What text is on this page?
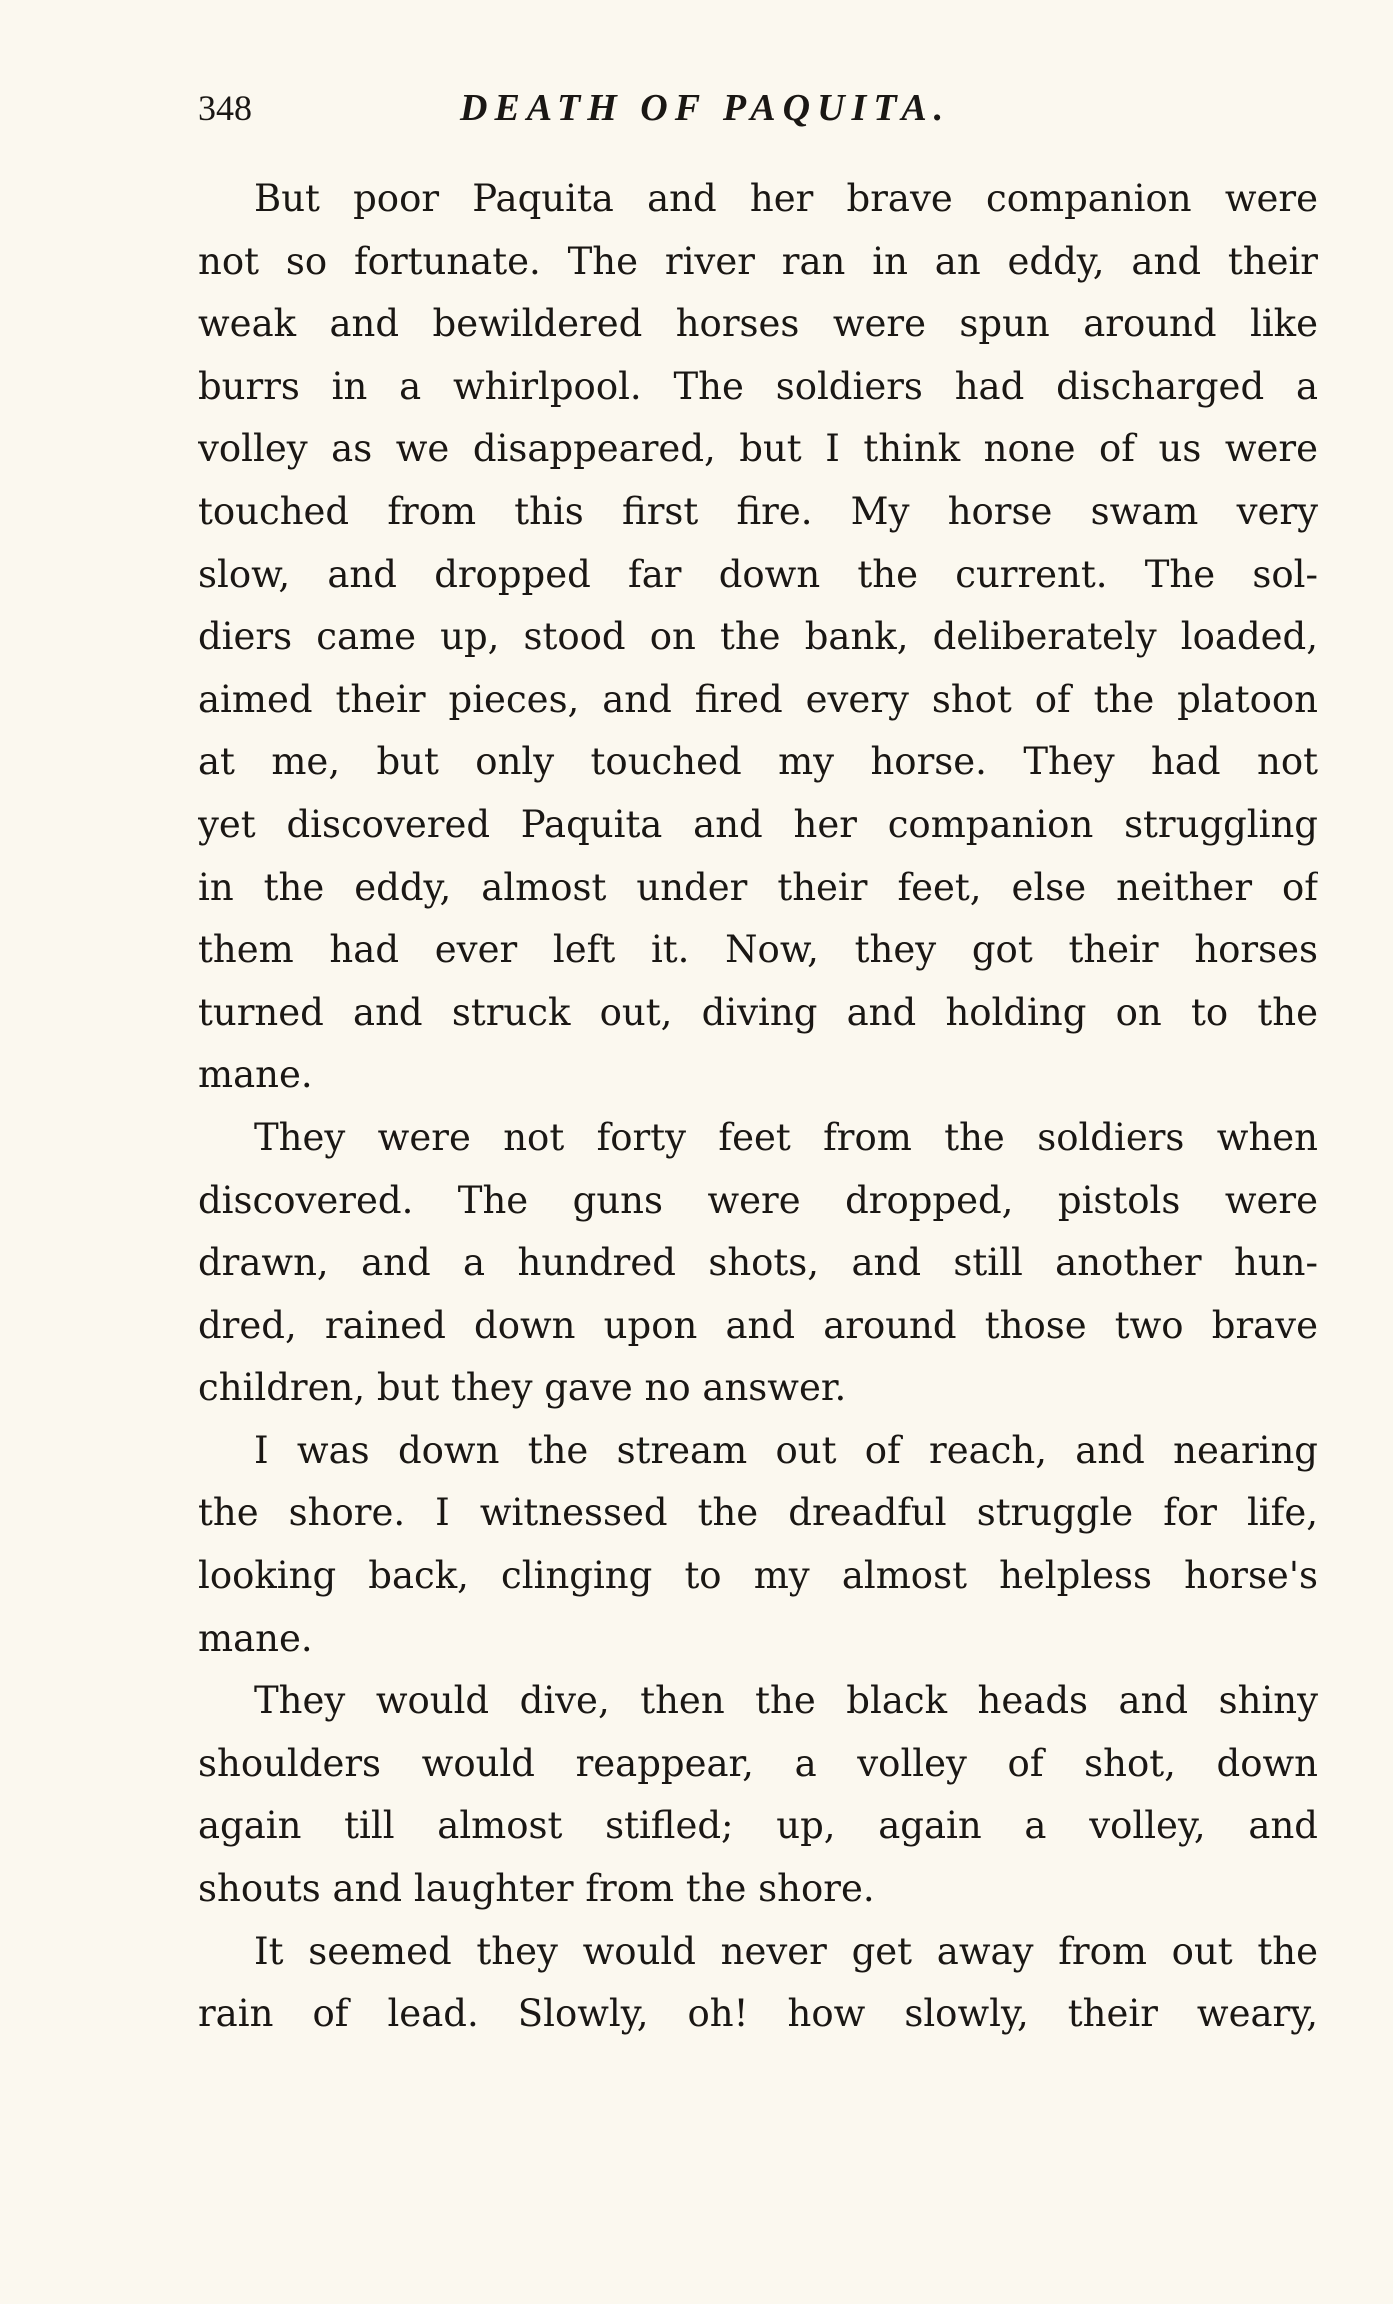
348	DEATH OF PAQUITA.
But poor Paquita and her brave companion were
not so fortunate. The river ran in an eddy, and their
weak and bewildered horses were spun around like
burrs in a whirlpool. The soldiers had discharged a
volley as we disappeared, but I think none of us were
touched from this first fire. My horse swam very
slow, and dropped far down the current. The sol-
diers came up, stood on the bank, deliberately loaded,
aimed their pieces, and fired every shot of the platoon
at me, but only touched my horse. They had not
yet discovered Paquita and her companion struggling
in the eddy, almost under their feet, else neither of
them had ever left it. Now, they got their horses
turned and struck out, diving and holding on to the
mane.
They were not forty feet from the soldiers when
discovered. The guns were dropped, pistols were
drawn, and a hundred shots, and still another hun-
dred, rained down upon and around those two brave
children, but they gave no answer.
I was down the stream out of reach, and nearing
the shore. I witnessed the dreadful struggle for life,
looking back, clinging to my almost helpless horse's
mane.
They would dive, then the black heads and shiny
shoulders would reappear, a volley of shot, down
again till almost stifled; up, again a volley, and
shouts and laughter from the shore.
It seemed they would never get away from out the
rain of lead. Slowly, oh! how slowly, their weary,
